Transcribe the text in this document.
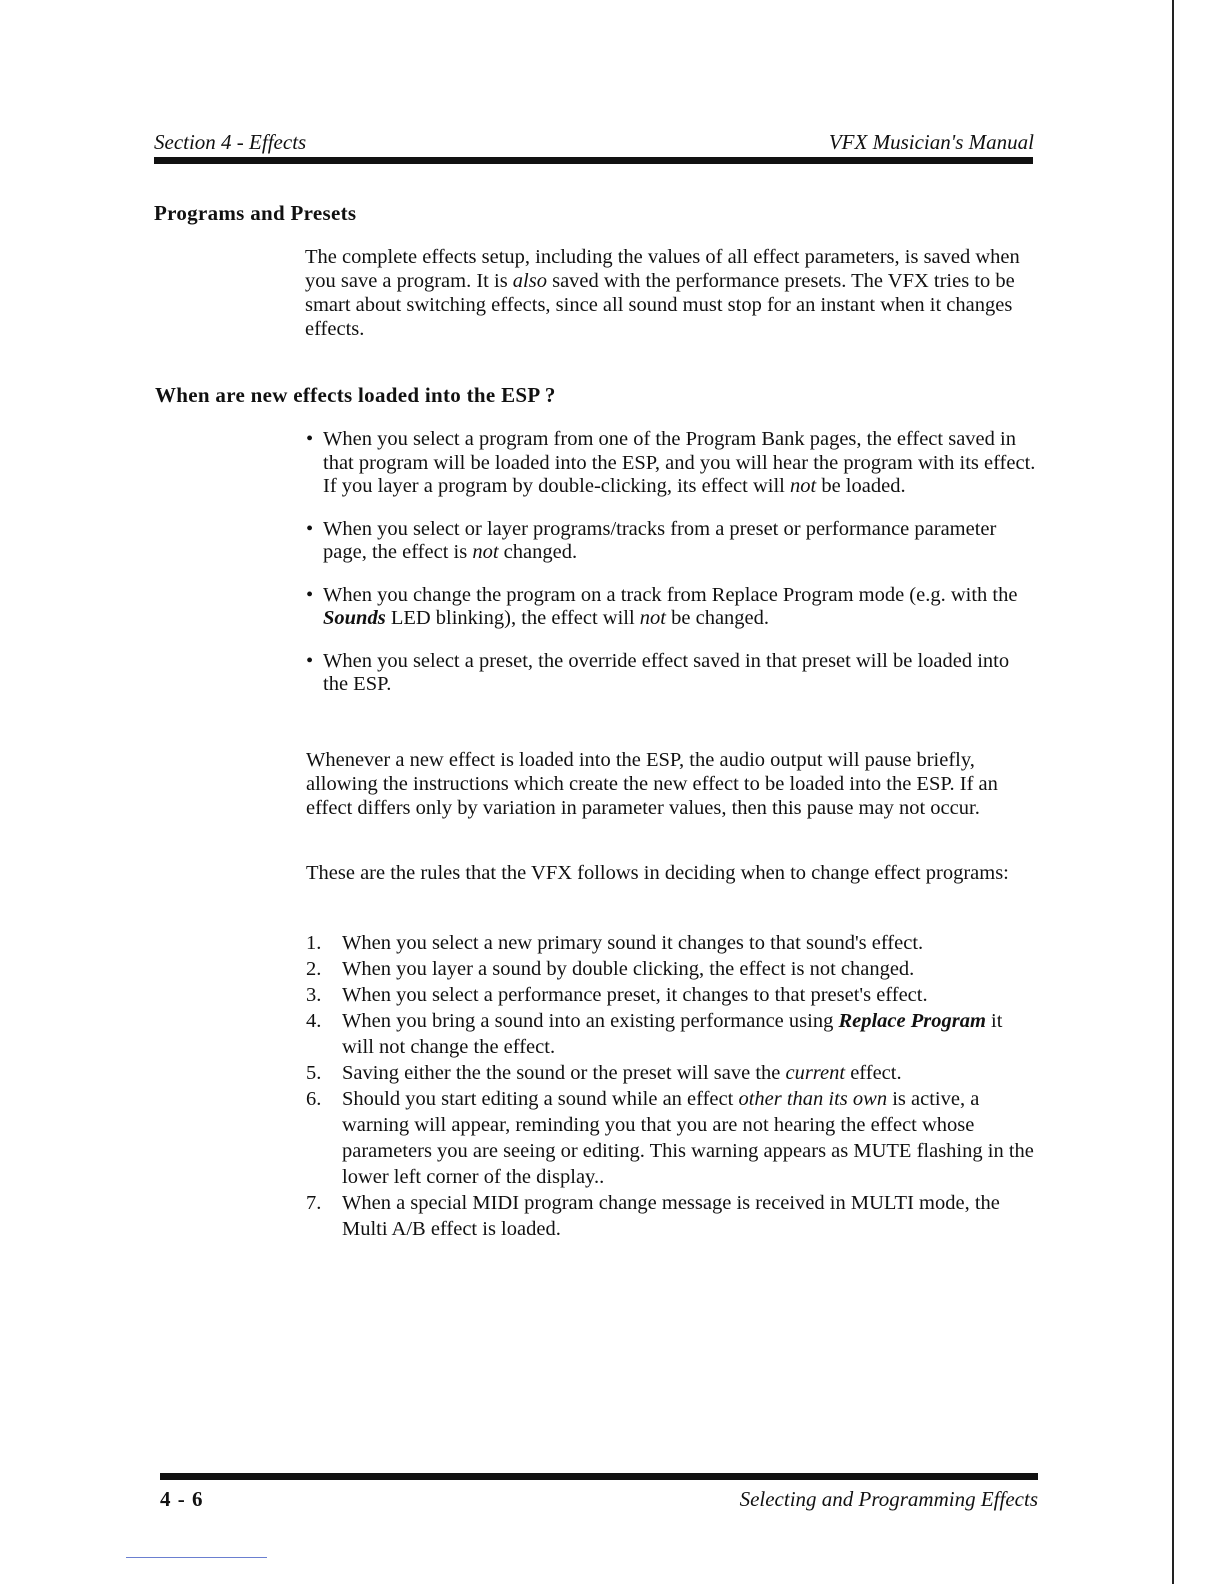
Section 4 - Effects	VFX Musician's Manual
Programs and Presets
The complete effects setup, including the values of all effect parameters, is saved when you save a program. It is also saved with the performance presets. The VFX tries to be smart about switching effects, since all sound must stop for an instant when it changes effects.
When are new effects loaded into the ESP ?
• When you select a program from one of the Program Bank pages, the effect saved in that program will be loaded into the ESP, and you will hear the program with its effect. If you layer a program by double-clicking, its effect will not be loaded.
• When you select or layer programs/tracks from a preset or performance parameter page, the effect is not changed.
• When you change the program on a track from Replace Program mode (e.g. with the Sounds LED blinking), the effect will not be changed.
• When you select a preset, the override effect saved in that preset will be loaded into the ESP.
Whenever a new effect is loaded into the ESP, the audio output will pause briefly, allowing the instructions which create the new effect to be loaded into the ESP. If an effect differs only by variation in parameter values, then this pause may not occur.
These are the rules that the VFX follows in deciding when to change effect programs:
1. When you select a new primary sound it changes to that sound's effect.
2. When you layer a sound by double clicking, the effect is not changed.
3. When you select a performance preset, it changes to that preset's effect.
4. When you bring a sound into an existing performance using Replace Program it will not change the effect.
5. Saving either the the sound or the preset will save the current effect.
6. Should you start editing a sound while an effect other than its own is active, a warning will appear, reminding you that you are not hearing the effect whose parameters you are seeing or editing. This warning appears as MUTE flashing in the lower left corner of the display..
7. When a special MIDI program change message is received in MULTI mode, the Multi A/B effect is loaded.
4 - 6	Selecting and Programming Effects
